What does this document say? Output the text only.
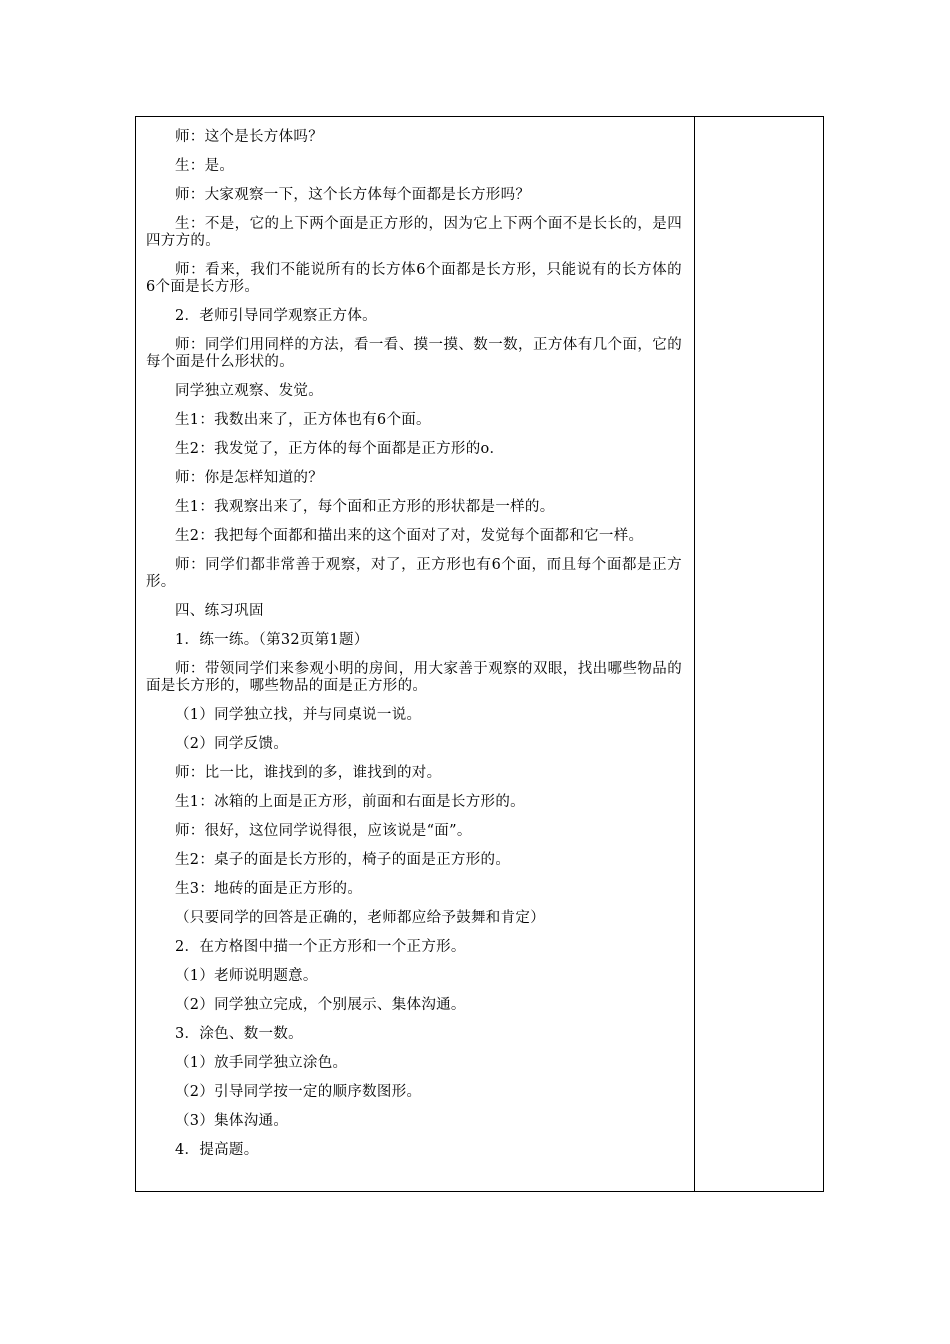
师：这个是长方体吗？

生：是。

师：大家观察一下，这个长方体每个面都是长方形吗？

生：不是，它的上下两个面是正方形的，因为它上下两个面不是长长的，是四四方方的。

师：看来，我们不能说所有的长方体6个面都是长方形，只能说有的长方体的6个面是长方形。

2．老师引导同学观察正方体。

师：同学们用同样的方法，看一看、摸一摸、数一数，正方体有几个面，它的每个面是什么形状的。

同学独立观察、发觉。

生1：我数出来了，正方体也有6个面。

生2：我发觉了，正方体的每个面都是正方形的o．

师：你是怎样知道的？

生1：我观察出来了，每个面和正方形的形状都是一样的。

生2：我把每个面都和描出来的这个面对了对，发觉每个面都和它一样。

师：同学们都非常善于观察，对了，正方形也有6个面，而且每个面都是正方形。

四、练习巩固

1．练一练。（第32页第1题）

师：带领同学们来参观小明的房间，用大家善于观察的双眼，找出哪些物品的面是长方形的，哪些物品的面是正方形的。

（1）同学独立找，并与同桌说一说。

（2）同学反馈。

师：比一比，谁找到的多，谁找到的对。

生1：冰箱的上面是正方形，前面和右面是长方形的。

师：很好，这位同学说得很，应该说是“面”。

生2：桌子的面是长方形的，椅子的面是正方形的。

生3：地砖的面是正方形的。

（只要同学的回答是正确的，老师都应给予鼓舞和肯定）

2．在方格图中描一个正方形和一个正方形。

（1）老师说明题意。

（2）同学独立完成，个别展示、集体沟通。

3．涂色、数一数。

（1）放手同学独立涂色。

（2）引导同学按一定的顺序数图形。

（3）集体沟通。

4．提高题。
